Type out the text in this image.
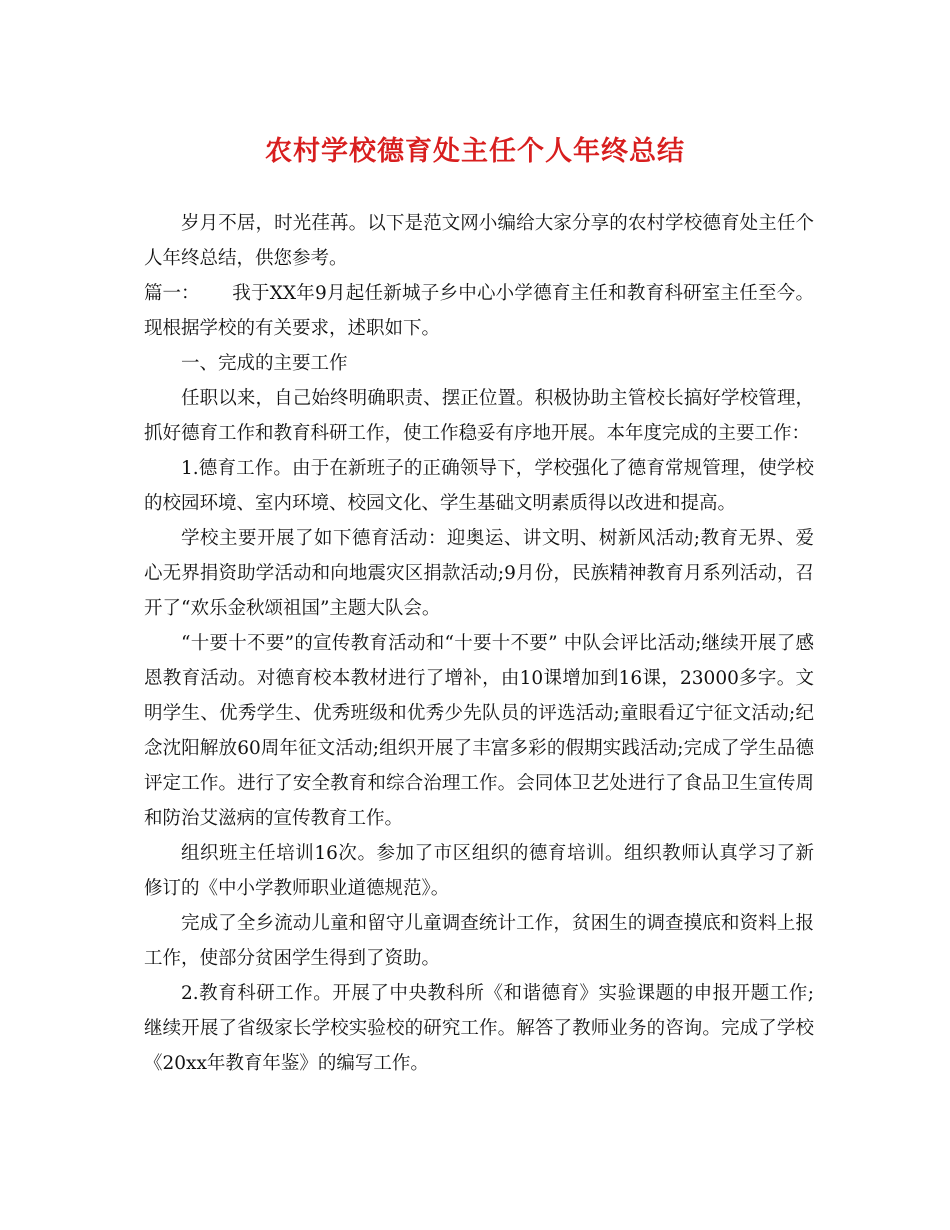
农村学校德育处主任个人年终总结

岁月不居，时光荏苒。以下是范文网小编给大家分享的农村学校德育处主任个人年终总结，供您参考。

篇一： 我于XX年9月起任新城子乡中心小学德育主任和教育科研室主任至今。现根据学校的有关要求，述职如下。

一、完成的主要工作

任职以来，自己始终明确职责、摆正位置。积极协助主管校长搞好学校管理，抓好德育工作和教育科研工作，使工作稳妥有序地开展。本年度完成的主要工作：

1.德育工作。由于在新班子的正确领导下，学校强化了德育常规管理，使学校的校园环境、室内环境、校园文化、学生基础文明素质得以改进和提高。

学校主要开展了如下德育活动：迎奥运、讲文明、树新风活动;教育无界、爱心无界捐资助学活动和向地震灾区捐款活动;9月份，民族精神教育月系列活动，召开了“欢乐金秋颂祖国”主题大队会。

“十要十不要”的宣传教育活动和“十要十不要” 中队会评比活动;继续开展了感恩教育活动。对德育校本教材进行了增补，由10课增加到16课，23000多字。文明学生、优秀学生、优秀班级和优秀少先队员的评选活动;童眼看辽宁征文活动;纪念沈阳解放60周年征文活动;组织开展了丰富多彩的假期实践活动;完成了学生品德评定工作。进行了安全教育和综合治理工作。会同体卫艺处进行了食品卫生宣传周和防治艾滋病的宣传教育工作。

组织班主任培训16次。参加了市区组织的德育培训。组织教师认真学习了新修订的《中小学教师职业道德规范》。

完成了全乡流动儿童和留守儿童调查统计工作，贫困生的调查摸底和资料上报工作，使部分贫困学生得到了资助。

2.教育科研工作。开展了中央教科所《和谐德育》实验课题的申报开题工作;继续开展了省级家长学校实验校的研究工作。解答了教师业务的咨询。完成了学校《20xx年教育年鉴》的编写工作。
